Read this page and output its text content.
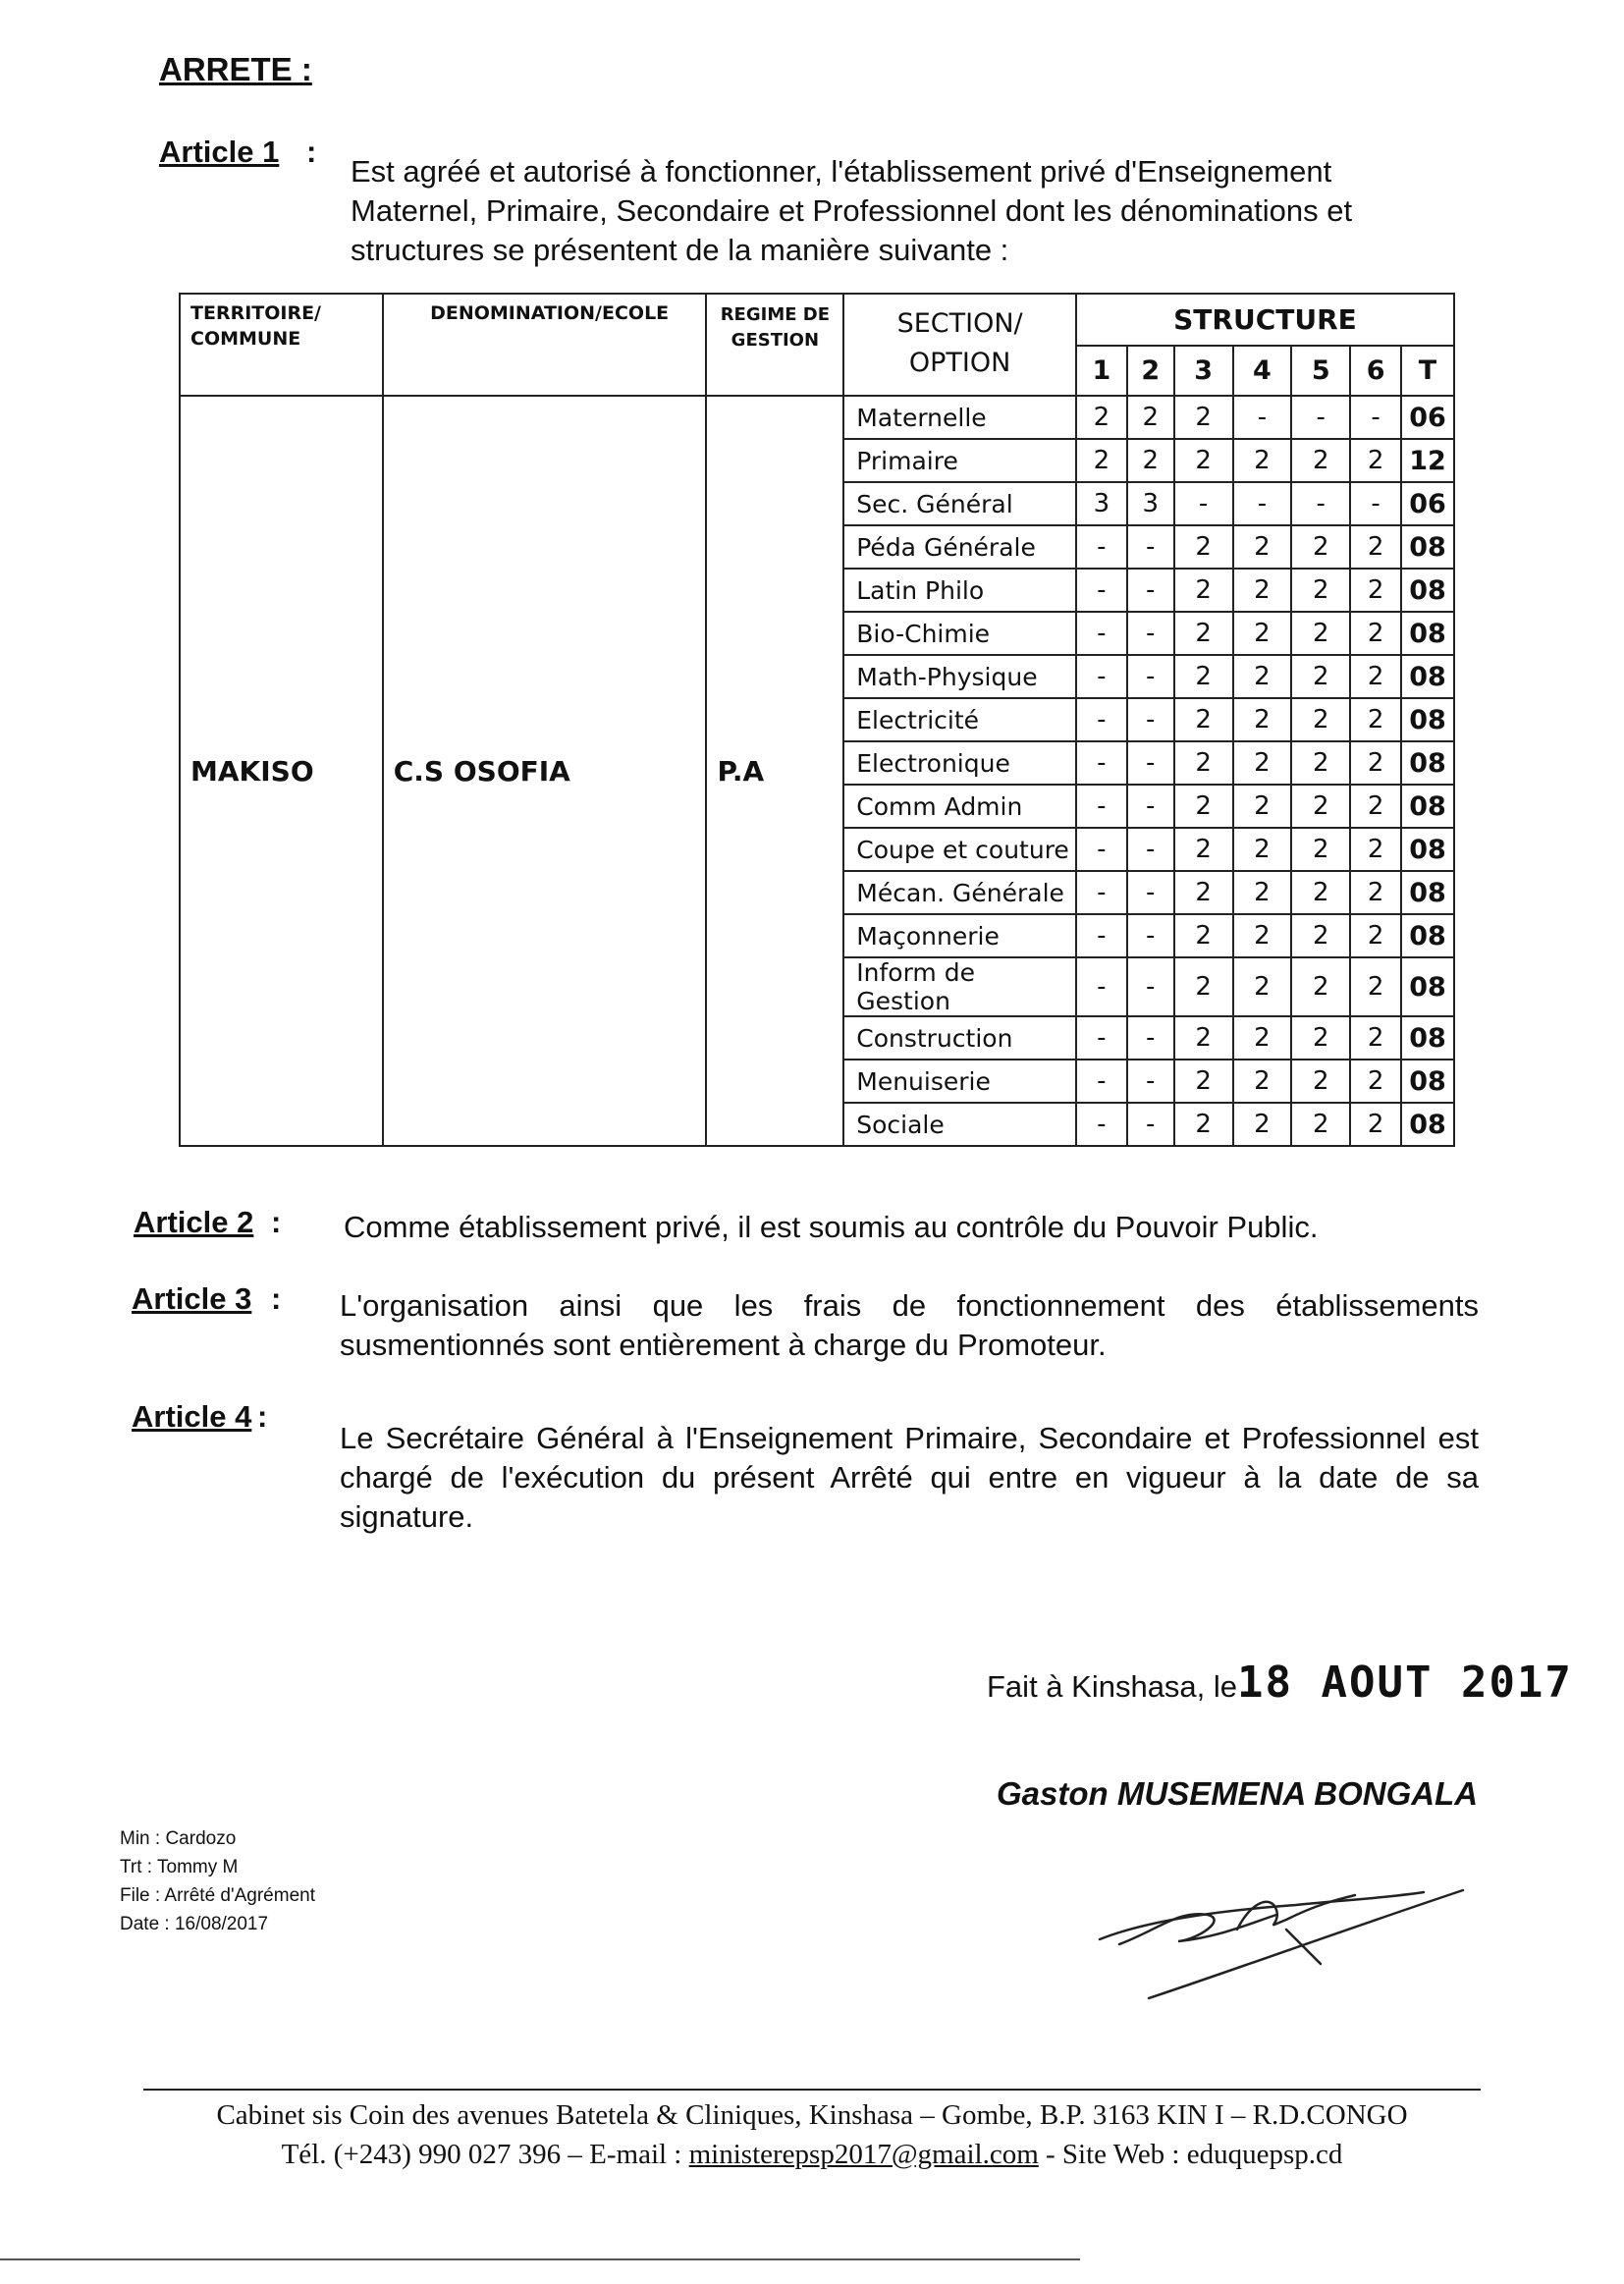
ARRETE :
Article 1 :
Est agréé et autorisé à fonctionner, l'établissement privé d'Enseignement Maternel, Primaire, Secondaire et Professionnel dont les dénominations et structures se présentent de la manière suivante :
TERRITOIRE/ COMMUNE	DENOMINATION/ECOLE	REGIME DE GESTION	SECTION/ OPTION	STRUCTURE						
				1	2	3	4	5	6	T
MAKISO	C.S OSOFIA	P.A	Maternelle	2	2	2	-	-	-	06
			Primaire	2	2	2	2	2	2	12
			Sec. Général	3	3	-	-	-	-	06
			Péda Générale	-	-	2	2	2	2	08
			Latin Philo	-	-	2	2	2	2	08
			Bio-Chimie	-	-	2	2	2	2	08
			Math-Physique	-	-	2	2	2	2	08
			Electricité	-	-	2	2	2	2	08
			Electronique	-	-	2	2	2	2	08
			Comm Admin	-	-	2	2	2	2	08
			Coupe et couture	-	-	2	2	2	2	08
			Mécan. Générale	-	-	2	2	2	2	08
			Maçonnerie	-	-	2	2	2	2	08
			Inform de Gestion	-	-	2	2	2	2	08
			Construction	-	-	2	2	2	2	08
			Menuiserie	-	-	2	2	2	2	08
			Sociale	-	-	2	2	2	2	08
Article 2 : Comme établissement privé, il est soumis au contrôle du Pouvoir Public.
Article 3 : L'organisation ainsi que les frais de fonctionnement des établissements susmentionnés sont entièrement à charge du Promoteur.
Article 4 :
Le Secrétaire Général à l'Enseignement Primaire, Secondaire et Professionnel est chargé de l'exécution du présent Arrêté qui entre en vigueur à la date de sa signature.
Fait à Kinshasa, le18 AOUT 2017
Gaston MUSEMENA BONGALA
Min : Cardozo
Trt : Tommy M
File : Arrêté d'Agrément
Date : 16/08/2017
Cabinet sis Coin des avenues Batetela & Cliniques, Kinshasa – Gombe, B.P. 3163 KIN I – R.D.CONGO
Tél. (+243) 990 027 396 – E-mail : ministerepsp2017@gmail.com - Site Web : eduquepsp.cd
